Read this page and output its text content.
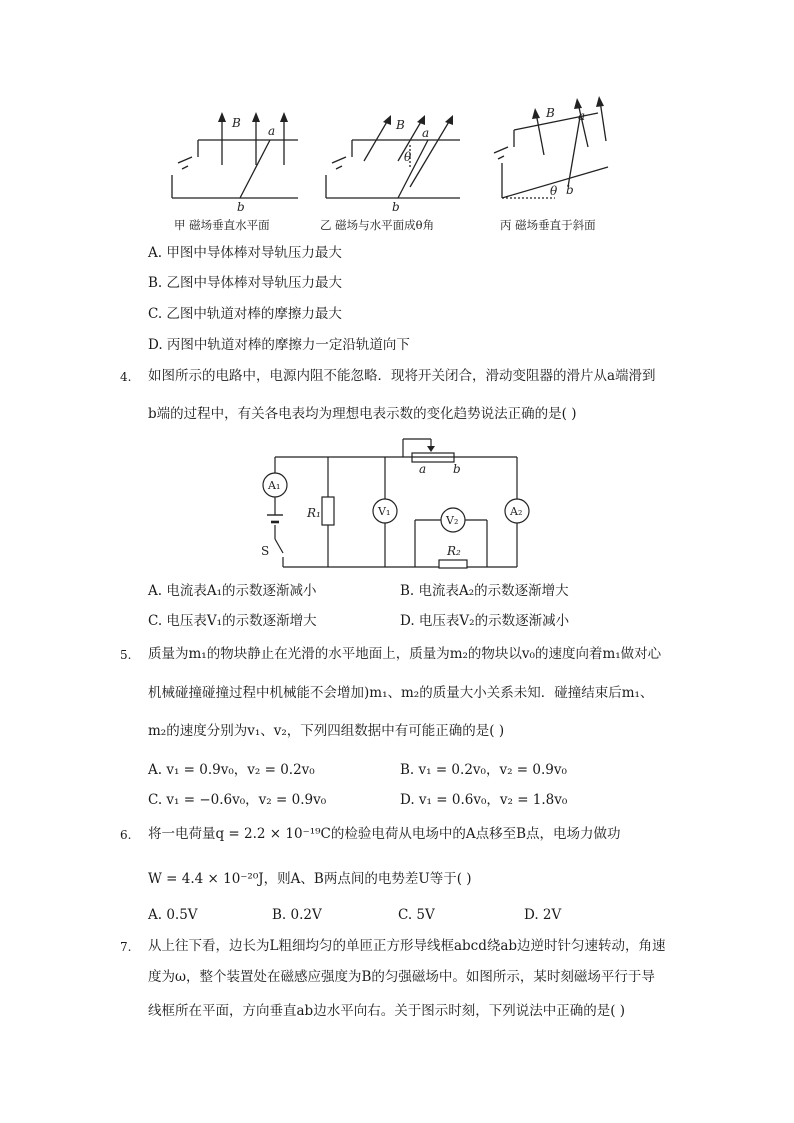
B
a
b
B
a
θ
b
B a
θ b
甲 磁场垂直水平面	乙 磁场与水平面成θ角	丙 磁场垂直于斜面
A. 甲图中导体棒对导轨压力最大
B. 乙图中导体棒对导轨压力最大
C. 乙图中轨道对棒的摩擦力最大
D. 丙图中轨道对棒的摩擦力一定沿轨道向下
4. 如图所示的电路中，电源内阻不能忽略．现将开关闭合，滑动变阻器的滑片从a端滑到
b端的过程中，有关各电表均为理想电表示数的变化趋势说法正确的是( )
A₁
V₁
V₂
A₂
R₁
R₂
a b
S
A. 电流表A₁的示数逐渐减小	B. 电流表A₂的示数逐渐增大
C. 电压表V₁的示数逐渐增大	D. 电压表V₂的示数逐渐减小
5. 质量为m₁的物块静止在光滑的水平地面上，质量为m₂的物块以v₀的速度向着m₁做对心
机械碰撞碰撞过程中机械能不会增加)m₁、m₂的质量大小关系未知．碰撞结束后m₁、
m₂的速度分别为v₁、v₂，下列四组数据中有可能正确的是( )
A. v₁ = 0.9v₀，v₂ = 0.2v₀	B. v₁ = 0.2v₀，v₂ = 0.9v₀
C. v₁ = −0.6v₀，v₂ = 0.9v₀	D. v₁ = 0.6v₀，v₂ = 1.8v₀
6. 将一电荷量q = 2.2 × 10⁻¹⁹C的检验电荷从电场中的A点移至B点，电场力做功
W = 4.4 × 10⁻²⁰J，则A、B两点间的电势差U等于( )
A. 0.5V	B. 0.2V	C. 5V	D. 2V
7. 从上往下看，边长为L粗细均匀的单匝正方形导线框abcd绕ab边逆时针匀速转动，角速
度为ω，整个装置处在磁感应强度为B的匀强磁场中。如图所示，某时刻磁场平行于导
线框所在平面，方向垂直ab边水平向右。关于图示时刻，下列说法中正确的是( )
